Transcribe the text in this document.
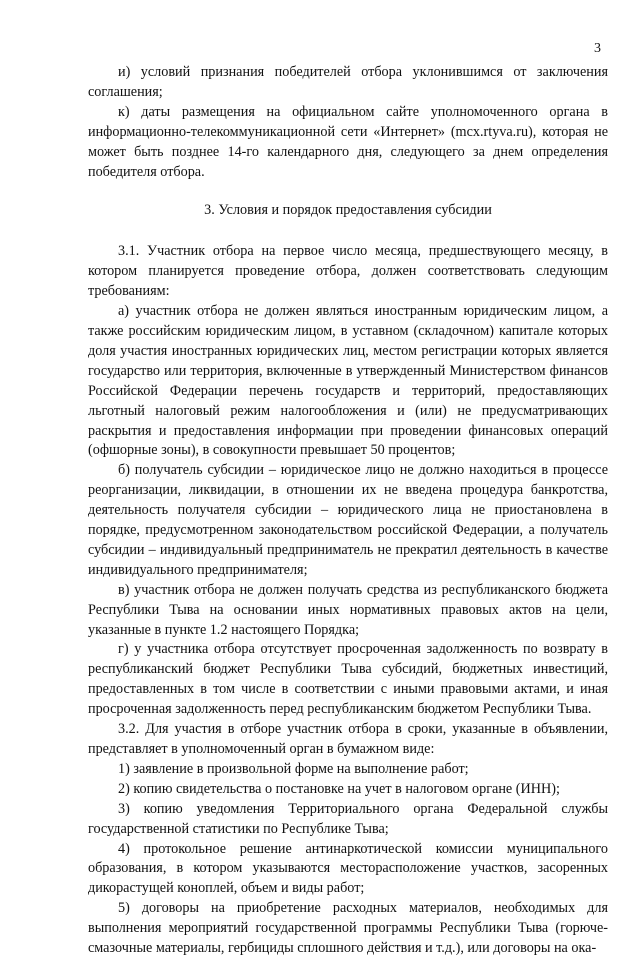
3

и) условий признания победителей отбора уклонившимся от заключения соглашения;

к) даты размещения на официальном сайте уполномоченного органа в информационно-телекоммуникационной сети «Интернет» (mcx.rtyva.ru), которая не может быть позднее 14-го календарного дня, следующего за днем определения победителя отбора.

3. Условия и порядок предоставления субсидии

3.1. Участник отбора на первое число месяца, предшествующего месяцу, в котором планируется проведение отбора, должен соответствовать следующим требованиям:

а) участник отбора не должен являться иностранным юридическим лицом, а также российским юридическим лицом, в уставном (складочном) капитале которых доля участия иностранных юридических лиц, местом регистрации которых является государство или территория, включенные в утвержденный Министерством финансов Российской Федерации перечень государств и территорий, предоставляющих льготный налоговый режим налогообложения и (или) не предусматривающих раскрытия и предоставления информации при проведении финансовых операций (офшорные зоны), в совокупности превышает 50 процентов;

б) получатель субсидии – юридическое лицо не должно находиться в процессе реорганизации, ликвидации, в отношении их не введена процедура банкротства, деятельность получателя субсидии – юридического лица не приостановлена в порядке, предусмотренном законодательством российской Федерации, а получатель субсидии – индивидуальный предприниматель не прекратил деятельность в качестве индивидуального предпринимателя;

в) участник отбора не должен получать средства из республиканского бюджета Республики Тыва на основании иных нормативных правовых актов на цели, указанные в пункте 1.2 настоящего Порядка;

г) у участника отбора отсутствует просроченная задолженность по возврату в республиканский бюджет Республики Тыва субсидий, бюджетных инвестиций, предоставленных в том числе в соответствии с иными правовыми актами, и иная просроченная задолженность перед республиканским бюджетом Республики Тыва.

3.2. Для участия в отборе участник отбора в сроки, указанные в объявлении, представляет в уполномоченный орган в бумажном виде:

1) заявление в произвольной форме на выполнение работ;

2) копию свидетельства о постановке на учет в налоговом органе (ИНН);

3) копию уведомления Территориального органа Федеральной службы государственной статистики по Республике Тыва;

4) протокольное решение антинаркотической комиссии муниципального образования, в котором указываются месторасположение участков, засоренных дикорастущей коноплей, объем и виды работ;

5) договоры на приобретение расходных материалов, необходимых для выполнения мероприятий государственной программы Республики Тыва (горюче-смазочные материалы, гербициды сплошного действия и т.д.), или договоры на ока-
